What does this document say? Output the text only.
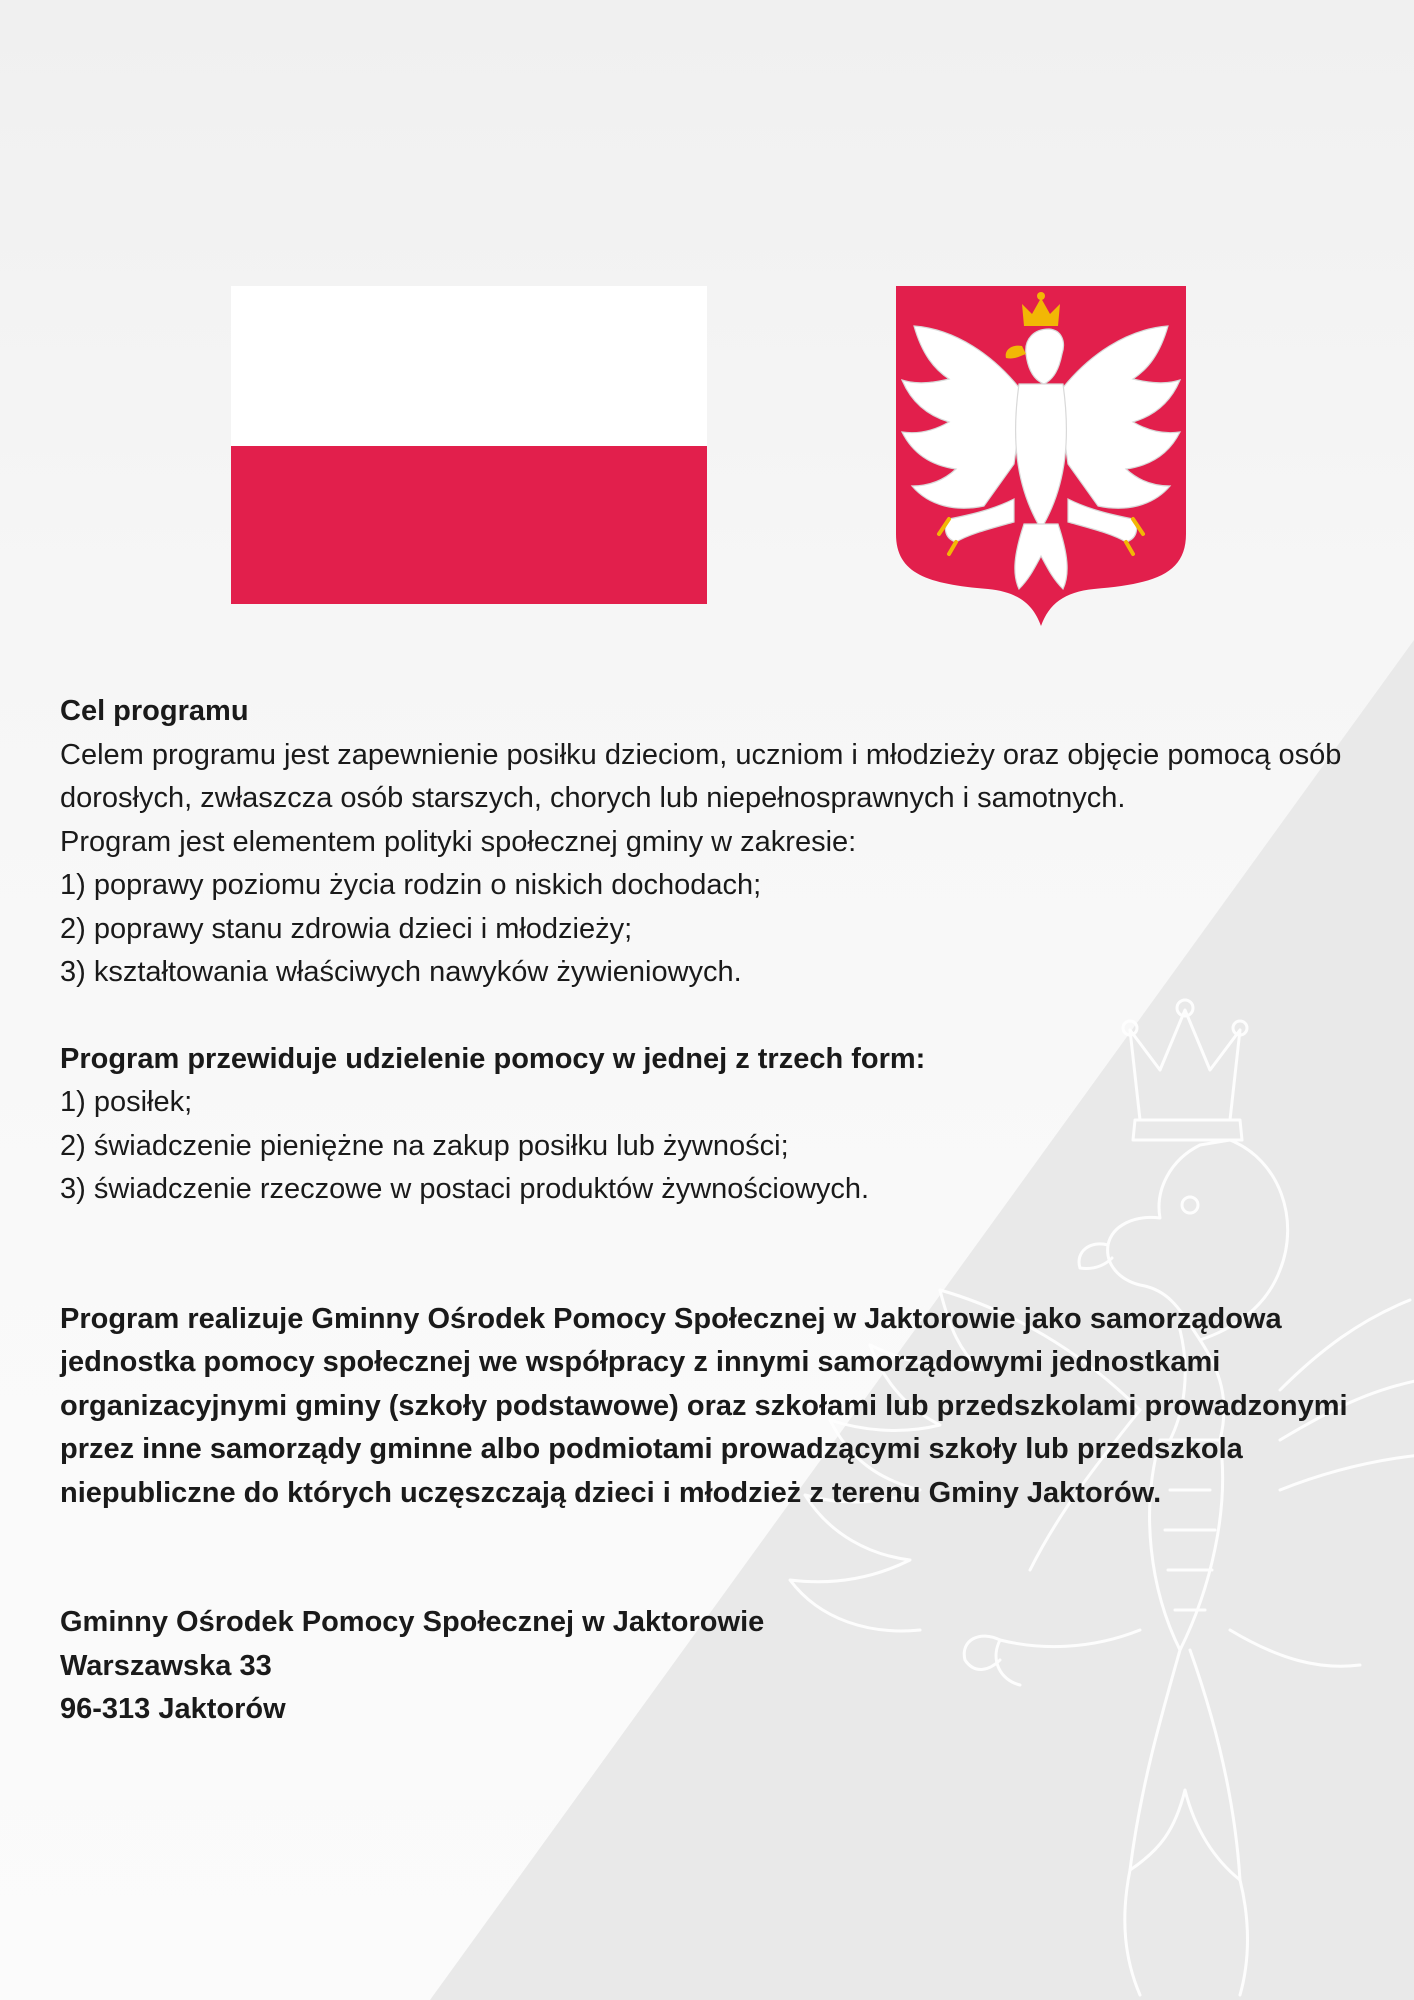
Cel programu

Celem programu jest zapewnienie posiłku dzieciom, uczniom i młodzieży oraz objęcie pomocą osób dorosłych, zwłaszcza osób starszych, chorych lub niepełnosprawnych i samotnych.

Program jest elementem polityki społecznej gminy w zakresie:

1) poprawy poziomu życia rodzin o niskich dochodach;

2) poprawy stanu zdrowia dzieci i młodzieży;

3) kształtowania właściwych nawyków żywieniowych.

Program przewiduje udzielenie pomocy w jednej z trzech form:

1) posiłek;

2) świadczenie pieniężne na zakup posiłku lub żywności;

3) świadczenie rzeczowe w postaci produktów żywnościowych.

Program realizuje Gminny Ośrodek Pomocy Społecznej w Jaktorowie jako samorządowa jednostka pomocy społecznej we współpracy z innymi samorządowymi jednostkami organizacyjnymi gminy (szkoły podstawowe) oraz szkołami lub przedszkolami prowadzonymi przez inne samorządy gminne albo podmiotami prowadzącymi szkoły lub przedszkola niepubliczne do których uczęszczają dzieci i młodzież z terenu Gminy Jaktorów.

Gminny Ośrodek Pomocy Społecznej w Jaktorowie

Warszawska 33

96-313 Jaktorów
